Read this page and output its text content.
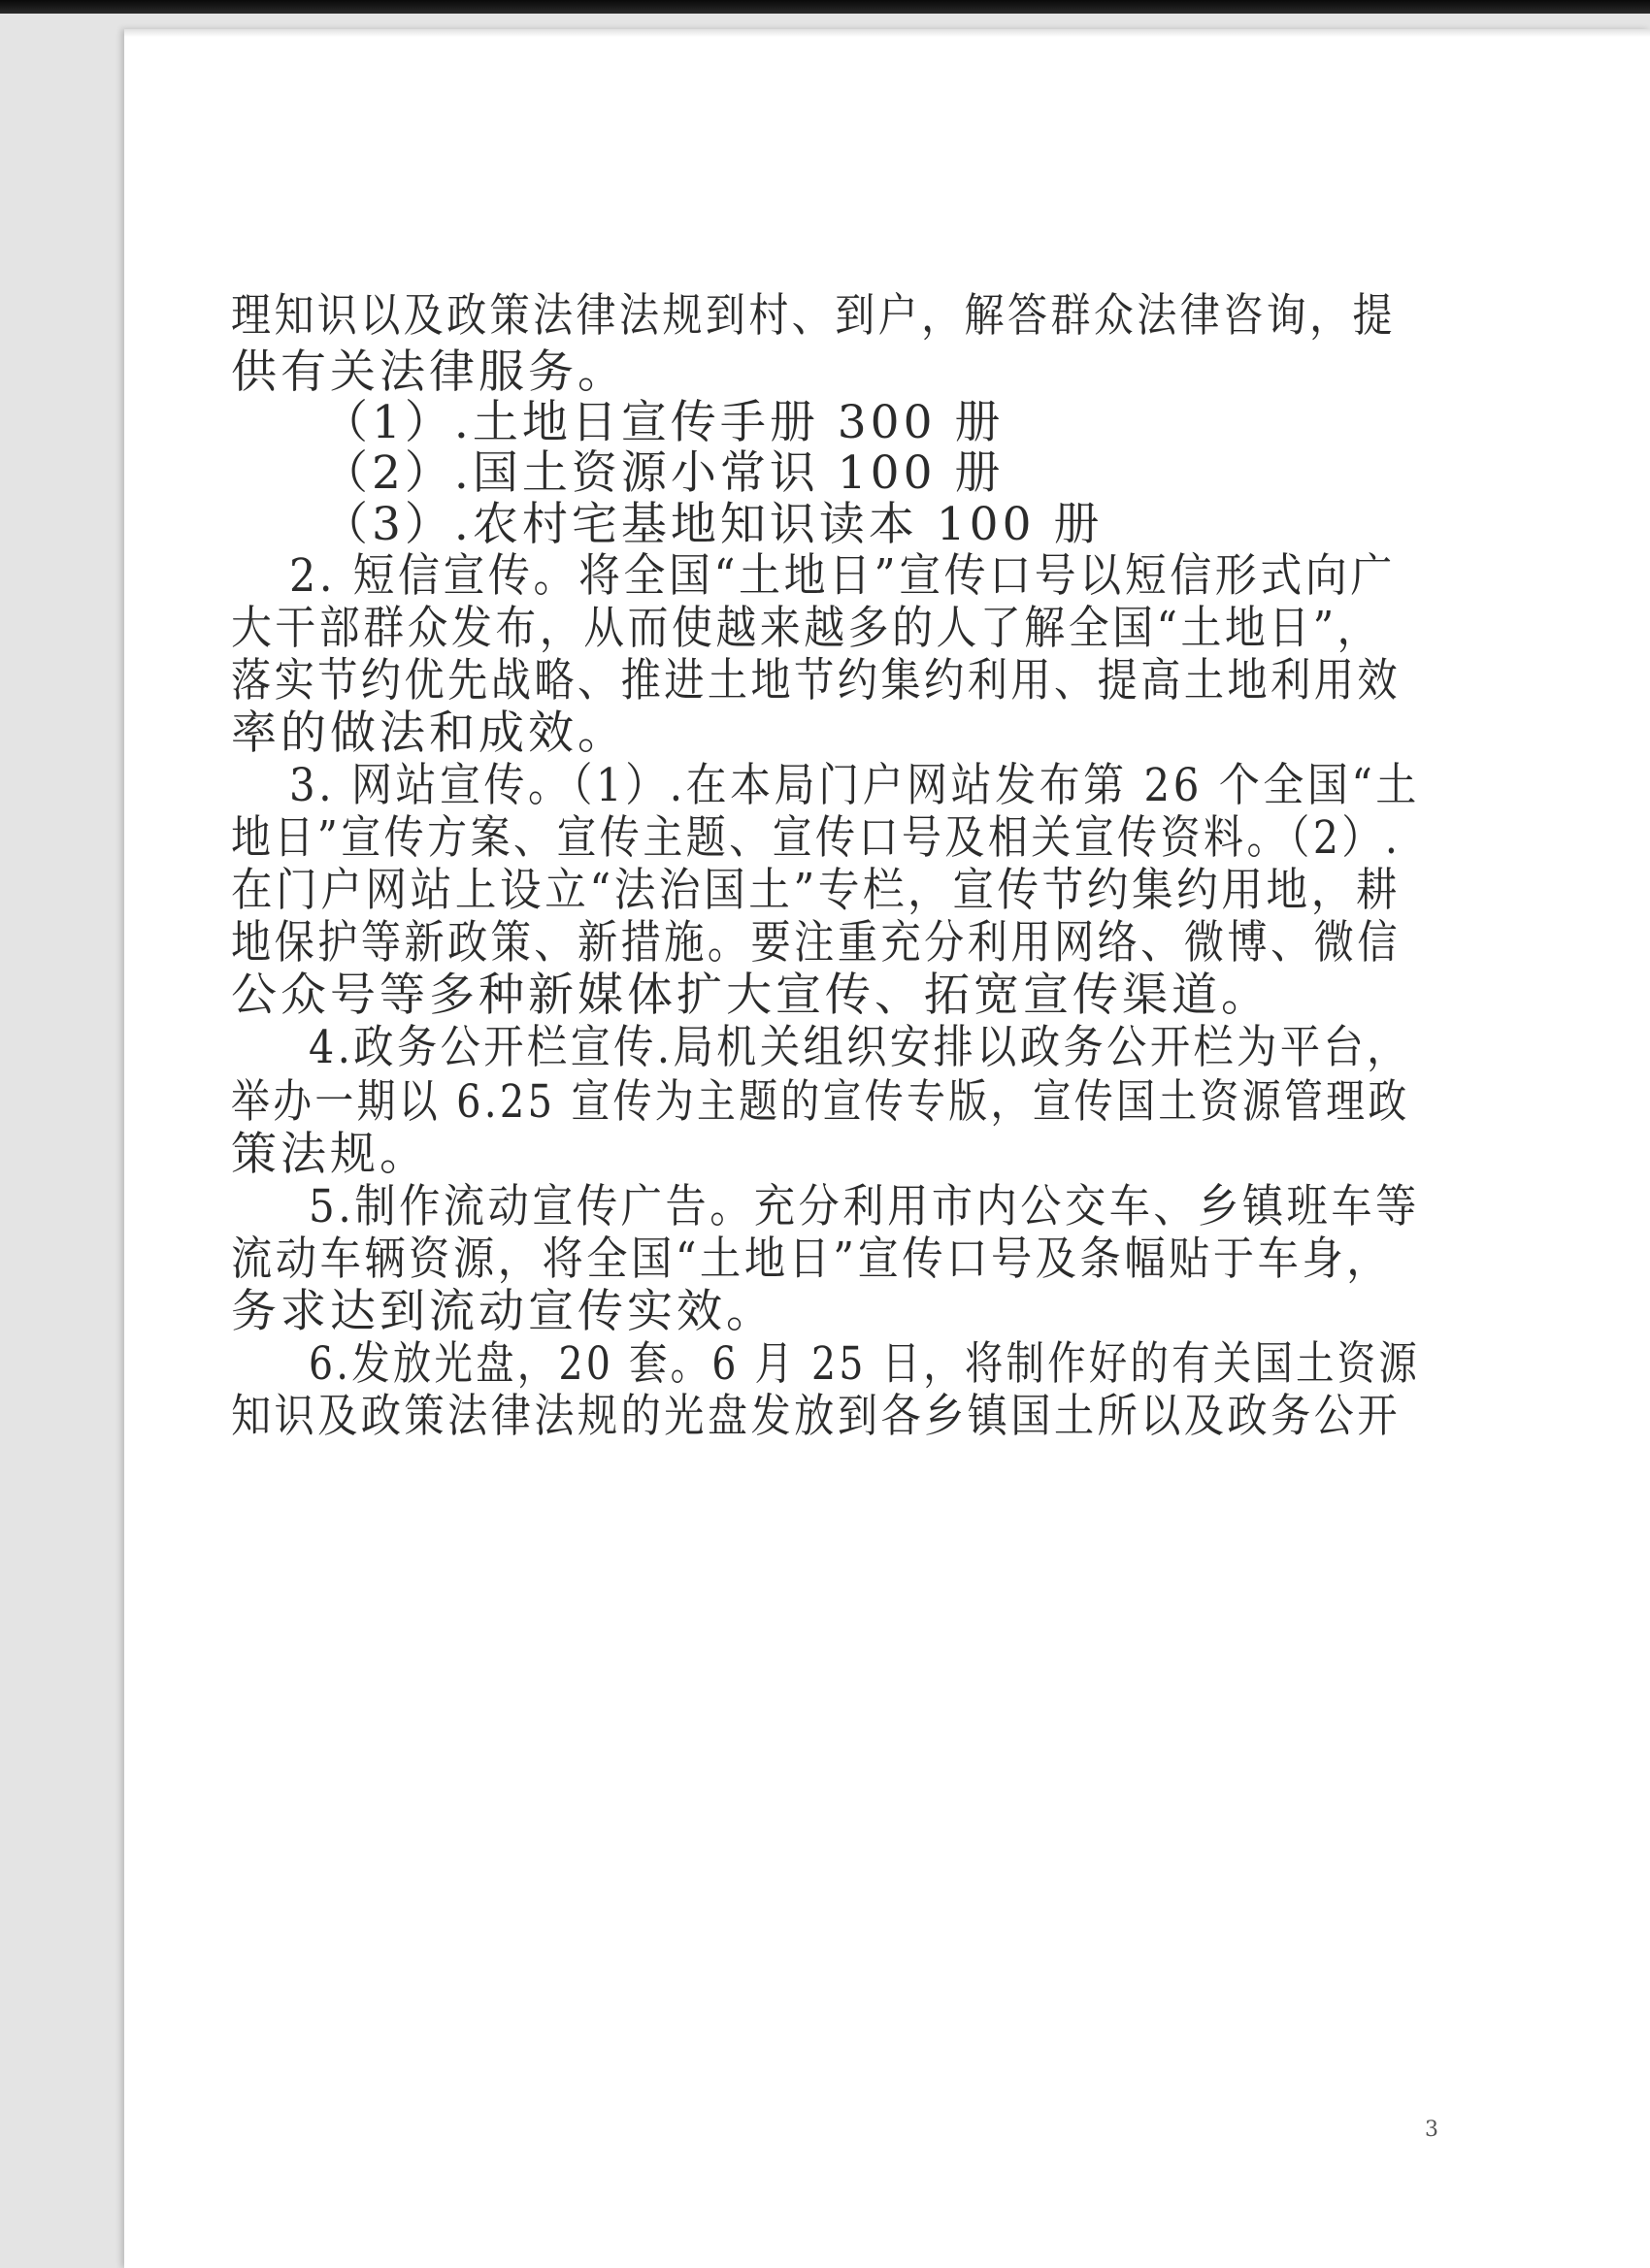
理知识以及政策法律法规到村、到户，解答群众法律咨询，提
供有关法律服务。
（1）.土地日宣传手册 300 册
（2）.国土资源小常识 100 册
（3）.农村宅基地知识读本 100 册
2. 短信宣传。将全国“土地日”宣传口号以短信形式向广
大干部群众发布，从而使越来越多的人了解全国“土地日”，
落实节约优先战略、推进土地节约集约利用、提高土地利用效
率的做法和成效。
3. 网站宣传。（1）.在本局门户网站发布第 26 个全国“土
地日”宣传方案、宣传主题、宣传口号及相关宣传资料。（2）.
在门户网站上设立“法治国土”专栏，宣传节约集约用地，耕
地保护等新政策、新措施。要注重充分利用网络、微博、微信
公众号等多种新媒体扩大宣传、拓宽宣传渠道。
4.政务公开栏宣传.局机关组织安排以政务公开栏为平台，
举办一期以 6.25 宣传为主题的宣传专版，宣传国土资源管理政
策法规。
5.制作流动宣传广告。充分利用市内公交车、乡镇班车等
流动车辆资源，将全国“土地日”宣传口号及条幅贴于车身，
务求达到流动宣传实效。
6.发放光盘，20 套。6 月 25 日，将制作好的有关国土资源
知识及政策法律法规的光盘发放到各乡镇国土所以及政务公开
3
